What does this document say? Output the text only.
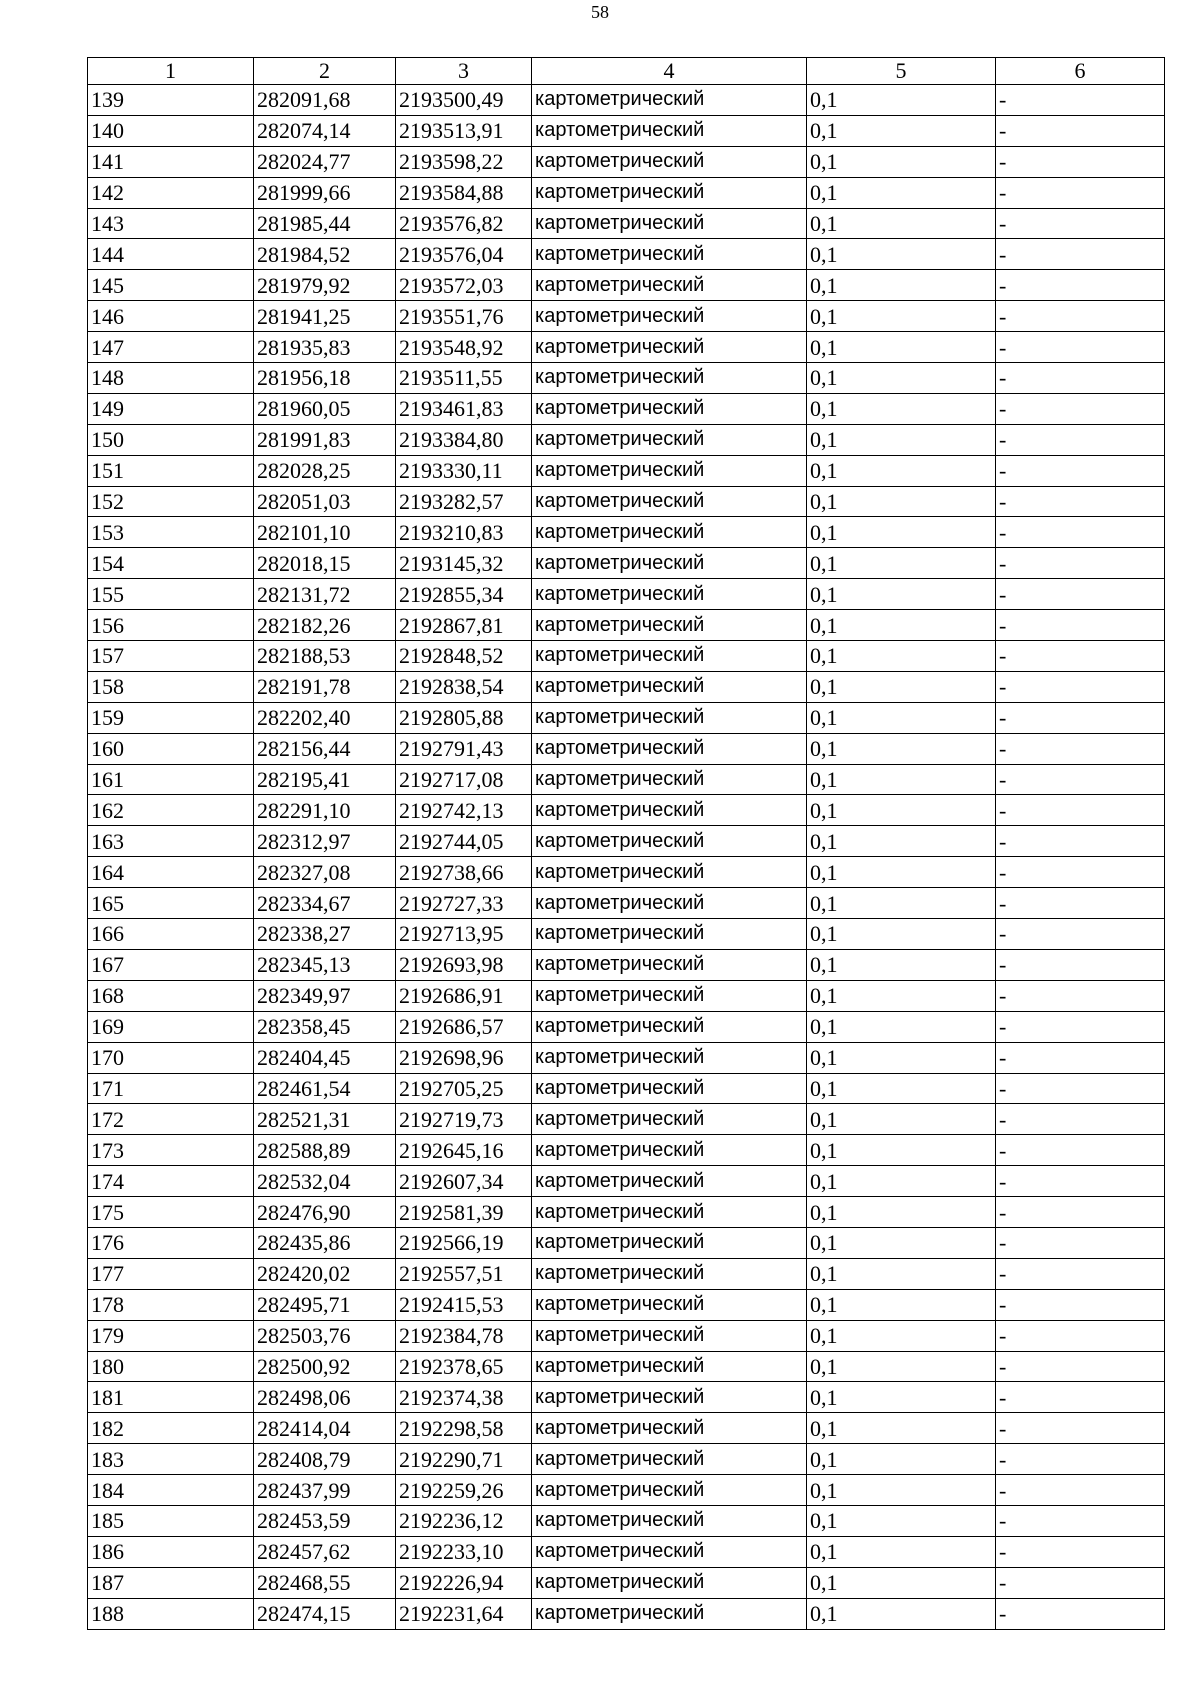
58
1	2	3	4	5	6
139	282091,68	2193500,49	картометрический	0,1	-
140	282074,14	2193513,91	картометрический	0,1	-
141	282024,77	2193598,22	картометрический	0,1	-
142	281999,66	2193584,88	картометрический	0,1	-
143	281985,44	2193576,82	картометрический	0,1	-
144	281984,52	2193576,04	картометрический	0,1	-
145	281979,92	2193572,03	картометрический	0,1	-
146	281941,25	2193551,76	картометрический	0,1	-
147	281935,83	2193548,92	картометрический	0,1	-
148	281956,18	2193511,55	картометрический	0,1	-
149	281960,05	2193461,83	картометрический	0,1	-
150	281991,83	2193384,80	картометрический	0,1	-
151	282028,25	2193330,11	картометрический	0,1	-
152	282051,03	2193282,57	картометрический	0,1	-
153	282101,10	2193210,83	картометрический	0,1	-
154	282018,15	2193145,32	картометрический	0,1	-
155	282131,72	2192855,34	картометрический	0,1	-
156	282182,26	2192867,81	картометрический	0,1	-
157	282188,53	2192848,52	картометрический	0,1	-
158	282191,78	2192838,54	картометрический	0,1	-
159	282202,40	2192805,88	картометрический	0,1	-
160	282156,44	2192791,43	картометрический	0,1	-
161	282195,41	2192717,08	картометрический	0,1	-
162	282291,10	2192742,13	картометрический	0,1	-
163	282312,97	2192744,05	картометрический	0,1	-
164	282327,08	2192738,66	картометрический	0,1	-
165	282334,67	2192727,33	картометрический	0,1	-
166	282338,27	2192713,95	картометрический	0,1	-
167	282345,13	2192693,98	картометрический	0,1	-
168	282349,97	2192686,91	картометрический	0,1	-
169	282358,45	2192686,57	картометрический	0,1	-
170	282404,45	2192698,96	картометрический	0,1	-
171	282461,54	2192705,25	картометрический	0,1	-
172	282521,31	2192719,73	картометрический	0,1	-
173	282588,89	2192645,16	картометрический	0,1	-
174	282532,04	2192607,34	картометрический	0,1	-
175	282476,90	2192581,39	картометрический	0,1	-
176	282435,86	2192566,19	картометрический	0,1	-
177	282420,02	2192557,51	картометрический	0,1	-
178	282495,71	2192415,53	картометрический	0,1	-
179	282503,76	2192384,78	картометрический	0,1	-
180	282500,92	2192378,65	картометрический	0,1	-
181	282498,06	2192374,38	картометрический	0,1	-
182	282414,04	2192298,58	картометрический	0,1	-
183	282408,79	2192290,71	картометрический	0,1	-
184	282437,99	2192259,26	картометрический	0,1	-
185	282453,59	2192236,12	картометрический	0,1	-
186	282457,62	2192233,10	картометрический	0,1	-
187	282468,55	2192226,94	картометрический	0,1	-
188	282474,15	2192231,64	картометрический	0,1	-
